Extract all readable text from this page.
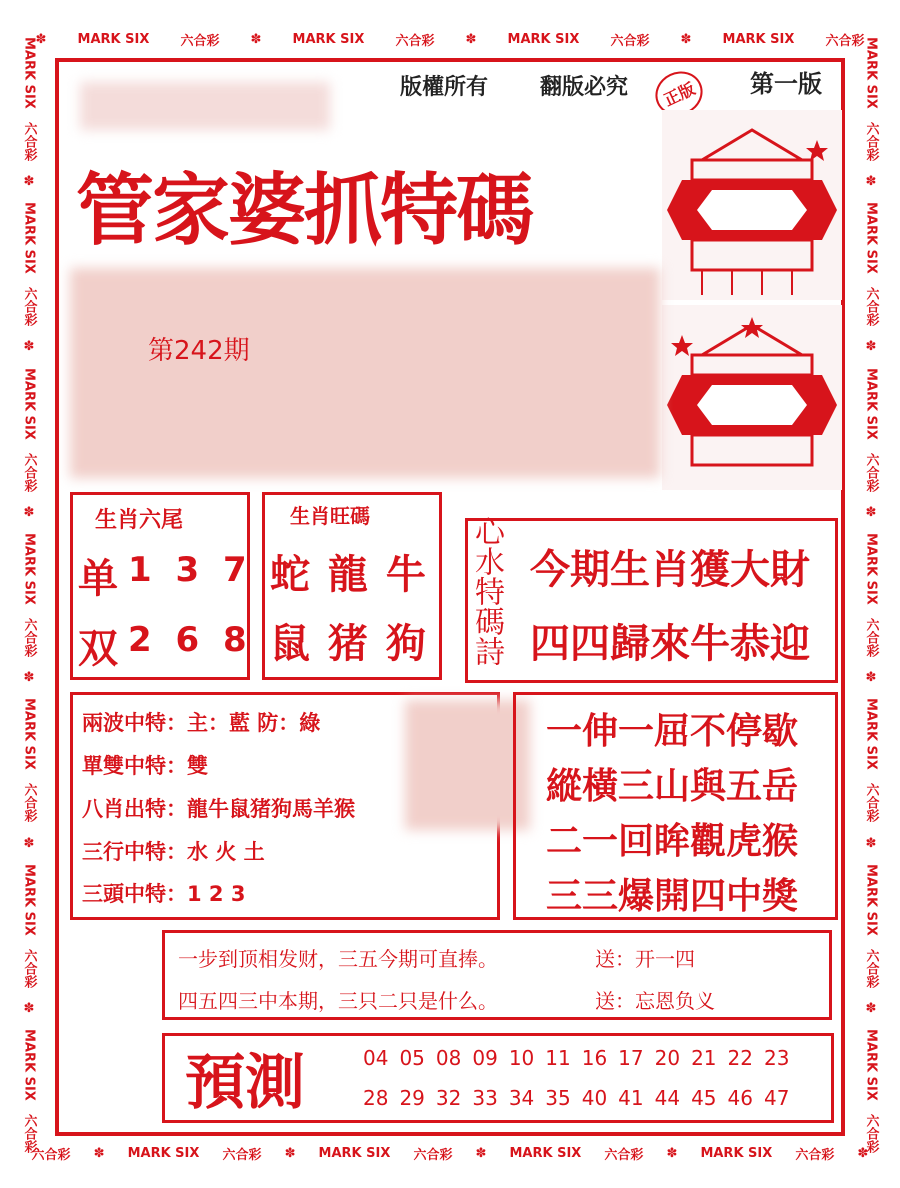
✽ MARK SIX 六合彩 ✽ MARK SIX 六合彩 ✽ MARK SIX 六合彩 ✽ MARK SIX 六合彩
六合彩 ✽ MARK SIX 六合彩 ✽ MARK SIX 六合彩 ✽ MARK SIX 六合彩 ✽ MARK SIX 六合彩 ✽
MARK SIX
六合彩
✽
MARK SIX
六合彩
✽
MARK SIX
六合彩
✽
MARK SIX
六合彩
✽
MARK SIX
六合彩
✽
MARK SIX
六合彩
✽
MARK SIX
六合彩
MARK SIX
六合彩
✽
MARK SIX
六合彩
✽
MARK SIX
六合彩
✽
MARK SIX
六合彩
✽
MARK SIX
六合彩
✽
MARK SIX
六合彩
✽
MARK SIX
六合彩
版權所有 翻版必究	正版	第一版
管家婆抓特碼
第242期
生肖六尾
单 1 3 7
双 2 6 8
生肖旺碼
蛇 龍 牛
鼠 猪 狗 心水特碼詩 今期生肖獲大財
四四歸來牛恭迎
兩波中特：主：藍 防：綠
單雙中特：雙
八肖出特：龍牛鼠猪狗馬羊猴
三行中特：水 火 土
三頭中特：1 2 3
一伸一屈不停歇
縱橫三山與五岳
二一回眸觀虎猴
三三爆開四中獎
一步到顶相发财，三五今期可直捧。	送：开一四
四五四三中本期，三只二只是什么。	送：忘恩负义
預測	04 05 08 09 10 11 16 17 20 21 22 23
28 29 32 33 34 35 40 41 44 45 46 47
